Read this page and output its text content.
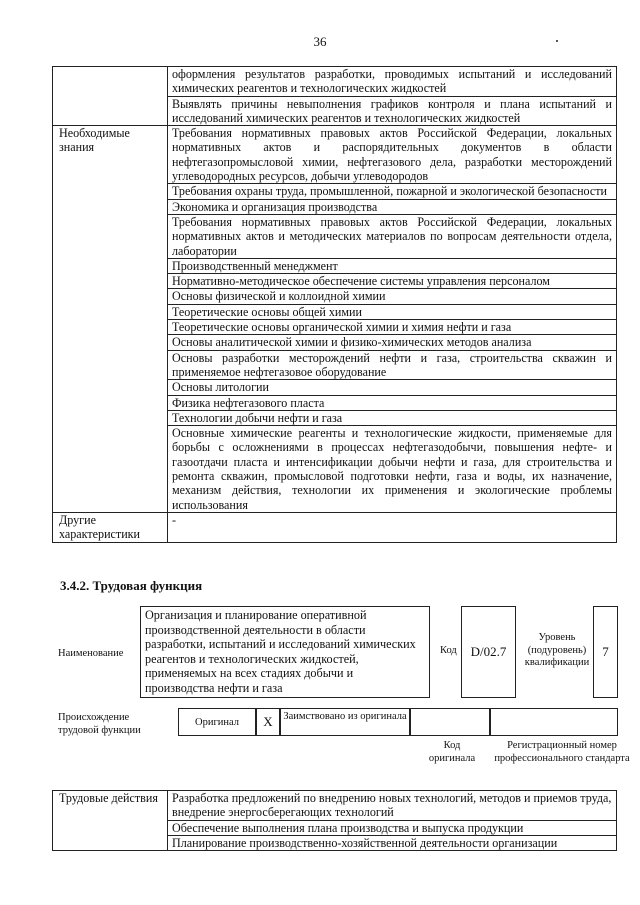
36
	оформления результатов разработки, проводимых испытаний и исследований химических реагентов и технологических жидкостей
	Выявлять причины невыполнения графиков контроля и плана испытаний и исследований химических реагентов и технологических жидкостей
Необходимые знания	Требования нормативных правовых актов Российской Федерации, локальных нормативных актов и распорядительных документов в области нефтегазопромысловой химии, нефтегазового дела, разработки месторождений углеводородных ресурсов, добычи углеводородов
	Требования охраны труда, промышленной, пожарной и экологической безопасности
	Экономика и организация производства
	Требования нормативных правовых актов Российской Федерации, локальных нормативных актов и методических материалов по вопросам деятельности отдела, лаборатории
	Производственный менеджмент
	Нормативно-методическое обеспечение системы управления персоналом
	Основы физической и коллоидной химии
	Теоретические основы общей химии
	Теоретические основы органической химии и химия нефти и газа
	Основы аналитической химии и физико-химических методов анализа
	Основы разработки месторождений нефти и газа, строительства скважин и применяемое нефтегазовое оборудование
	Основы литологии
	Физика нефтегазового пласта
	Технологии добычи нефти и газа
	Основные химические реагенты и технологические жидкости, применяемые для борьбы с осложнениями в процессах нефтегазодобычи, повышения нефте- и газоотдачи пласта и интенсификации добычи нефти и газа, для строительства и ремонта скважин, промысловой подготовки нефти, газа и воды, их назначение, механизм действия, технологии их применения и экологические проблемы использования
Другие характеристики	-
3.4.2. Трудовая функция
Наименование
Организация и планирование оперативной производственной деятельности в области разработки, испытаний и исследований химических реагентов и технологических жидкостей, применяемых на всех стадиях добычи и производства нефти и газа
Код	D/02.7
Уровень (подуровень) квалификации
7
Происхождение трудовой функции
Оригинал	X	Заимствовано из оригинала
Код оригинала
Регистрационный номер профессионального стандарта
Трудовые действия	Разработка предложений по внедрению новых технологий, методов и приемов труда, внедрение энергосберегающих технологий
Обеспечение выполнения плана производства и выпуска продукции
Планирование производственно-хозяйственной деятельности организации
